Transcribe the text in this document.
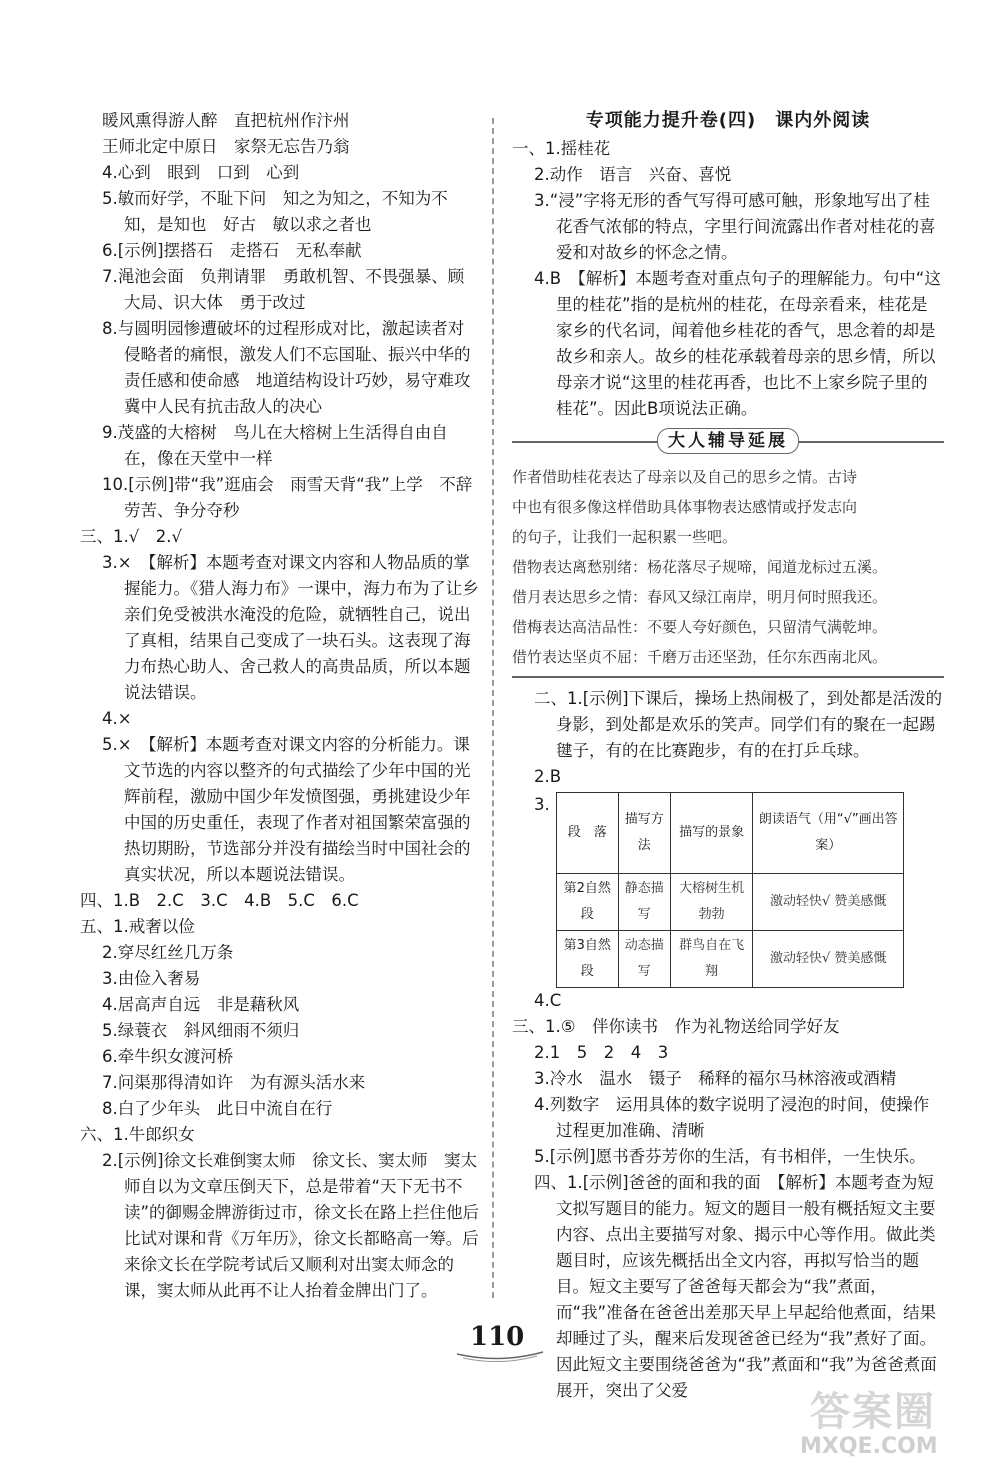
暖风熏得游人醉　直把杭州作汴州

王师北定中原日　家祭无忘告乃翁

4.心到　眼到　口到　心到

5.敏而好学，不耻下问　知之为知之，不知为不知，是知也　好古　敏以求之者也

6.[示例]摆搭石　走搭石　无私奉献

7.渑池会面　负荆请罪　勇敢机智、不畏强暴、顾大局、识大体　勇于改过

8.与圆明园惨遭破坏的过程形成对比，激起读者对侵略者的痛恨，激发人们不忘国耻、振兴中华的责任感和使命感　地道结构设计巧妙，易守难攻　冀中人民有抗击敌人的决心

9.茂盛的大榕树　鸟儿在大榕树上生活得自由自在，像在天堂中一样

10.[示例]带“我”逛庙会　雨雪天背“我”上学　不辞劳苦、争分夺秒

三、1.√　2.√

3.×　【解析】本题考查对课文内容和人物品质的掌握能力。《猎人海力布》一课中，海力布为了让乡亲们免受被洪水淹没的危险，就牺牲自己，说出了真相，结果自己变成了一块石头。这表现了海力布热心助人、舍己救人的高贵品质，所以本题说法错误。

4.×

5.×　【解析】本题考查对课文内容的分析能力。课文节选的内容以整齐的句式描绘了少年中国的光辉前程，激励中国少年发愤图强，勇挑建设少年中国的历史重任，表现了作者对祖国繁荣富强的热切期盼，节选部分并没有描绘当时中国社会的真实状况，所以本题说法错误。

四、1.B　2.C　3.C　4.B　5.C　6.C

五、1.戒奢以俭

2.穿尽红丝几万条

3.由俭入奢易

4.居高声自远　非是藉秋风

5.绿蓑衣　斜风细雨不须归

6.牵牛织女渡河桥

7.问渠那得清如许　为有源头活水来

8.白了少年头　此日中流自在行

六、1.牛郎织女

2.[示例]徐文长难倒窦太师　徐文长、窦太师　窦太师自以为文章压倒天下，总是带着“天下无书不读”的御赐金牌游街过市，徐文长在路上拦住他后比试对课和背《万年历》，徐文长都略高一筹。后来徐文长在学院考试后又顺利对出窦太师念的课，窦太师从此再不让人抬着金牌出门了。

专项能力提升卷(四)　课内外阅读

一、1.摇桂花

2.动作　语言　兴奋、喜悦

3.“浸”字将无形的香气写得可感可触，形象地写出了桂花香气浓郁的特点，字里行间流露出作者对桂花的喜爱和对故乡的怀念之情。

4.B　【解析】本题考查对重点句子的理解能力。句中“这里的桂花”指的是杭州的桂花，在母亲看来，桂花是家乡的代名词，闻着他乡桂花的香气，思念着的却是故乡和亲人。故乡的桂花承载着母亲的思乡情，所以母亲才说“这里的桂花再香，也比不上家乡院子里的桂花”。因此B项说法正确。

大人辅导延展
作者借助桂花表达了母亲以及自己的思乡之情。古诗
中也有很多像这样借助具体事物表达感情或抒发志向
的句子，让我们一起积累一些吧。
借物表达离愁别绪：杨花落尽子规啼，闻道龙标过五溪。
借月表达思乡之情：春风又绿江南岸，明月何时照我还。
借梅表达高洁品性：不要人夸好颜色，只留清气满乾坤。
借竹表达坚贞不屈：千磨万击还坚劲，任尔东西南北风。

二、1.[示例]下课后，操场上热闹极了，到处都是活泼的身影，到处都是欢乐的笑声。同学们有的聚在一起踢毽子，有的在比赛跑步，有的在打乒乓球。

2.B

3.
段　落	描写方法	描写的景象	朗读语气（用“√”画出答案）
第2自然段	静态描写	大榕树生机勃勃	激动轻快√ 赞美感慨
第3自然段	动态描写	群鸟自在飞翔	激动轻快√ 赞美感慨

4.C

三、1.⑤　伴你读书　作为礼物送给同学好友

2.1　5　2　4　3

3.冷水　温水　镊子　稀释的福尔马林溶液或酒精

4.列数字　运用具体的数字说明了浸泡的时间，使操作过程更加准确、清晰

5.[示例]愿书香芬芳你的生活，有书相伴，一生快乐。

四、1.[示例]爸爸的面和我的面　【解析】本题考查为短文拟写题目的能力。短文的题目一般有概括短文主要内容、点出主要描写对象、揭示中心等作用。做此类题目时，应该先概括出全文内容，再拟写恰当的题目。短文主要写了爸爸每天都会为“我”煮面，而“我”准备在爸爸出差那天早上早起给他煮面，结果却睡过了头，醒来后发现爸爸已经为“我”煮好了面。因此短文主要围绕爸爸为“我”煮面和“我”为爸爸煮面展开，突出了父爱

110
答案圈
MXQE.COM
